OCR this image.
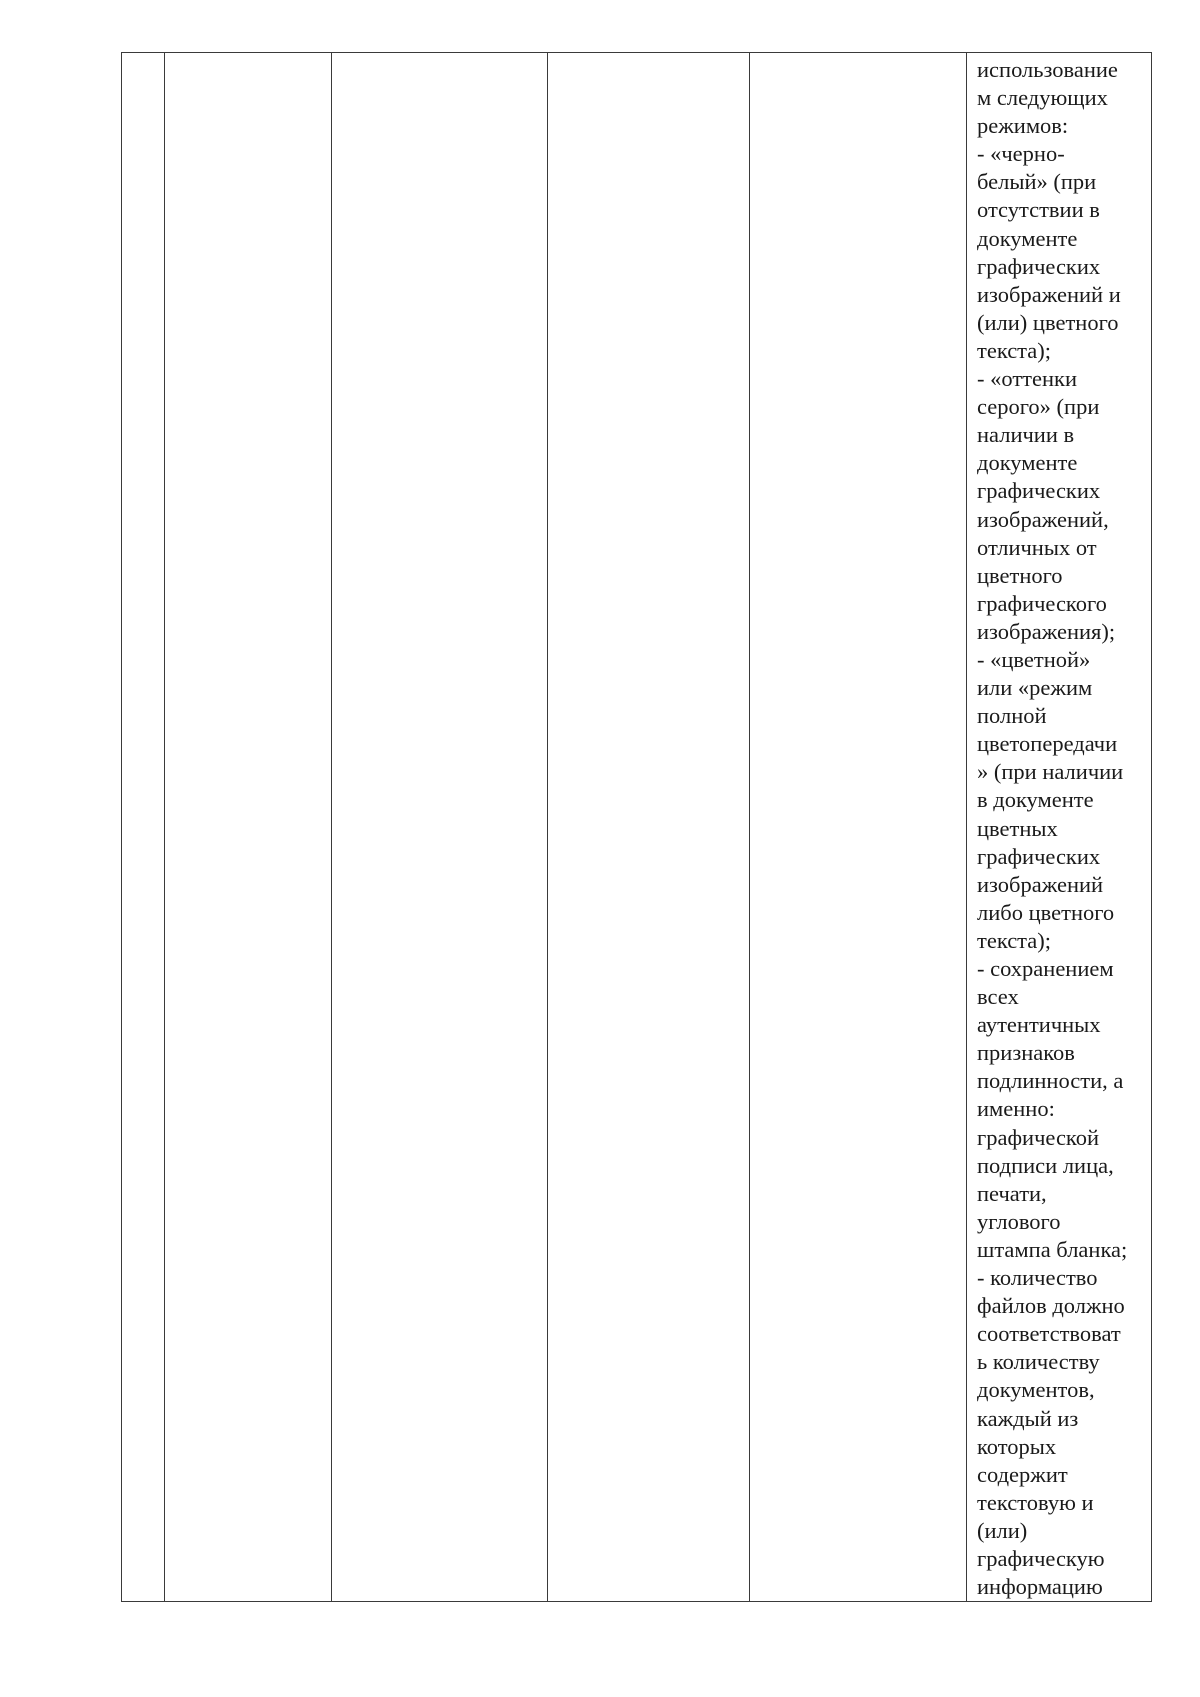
использование
м следующих
режимов:
- «черно-
белый» (при
отсутствии в
документе
графических
изображений и
(или) цветного
текста);
- «оттенки
серого» (при
наличии в
документе
графических
изображений,
отличных от
цветного
графического
изображения);
- «цветной»
или «режим
полной
цветопередачи
» (при наличии
в документе
цветных
графических
изображений
либо цветного
текста);
- сохранением
всех
аутентичных
признаков
подлинности, а
именно:
графической
подписи лица,
печати,
углового
штампа бланка;
- количество
файлов должно
соответствоват
ь количеству
документов,
каждый из
которых
содержит
текстовую и
(или)
графическую
информацию
